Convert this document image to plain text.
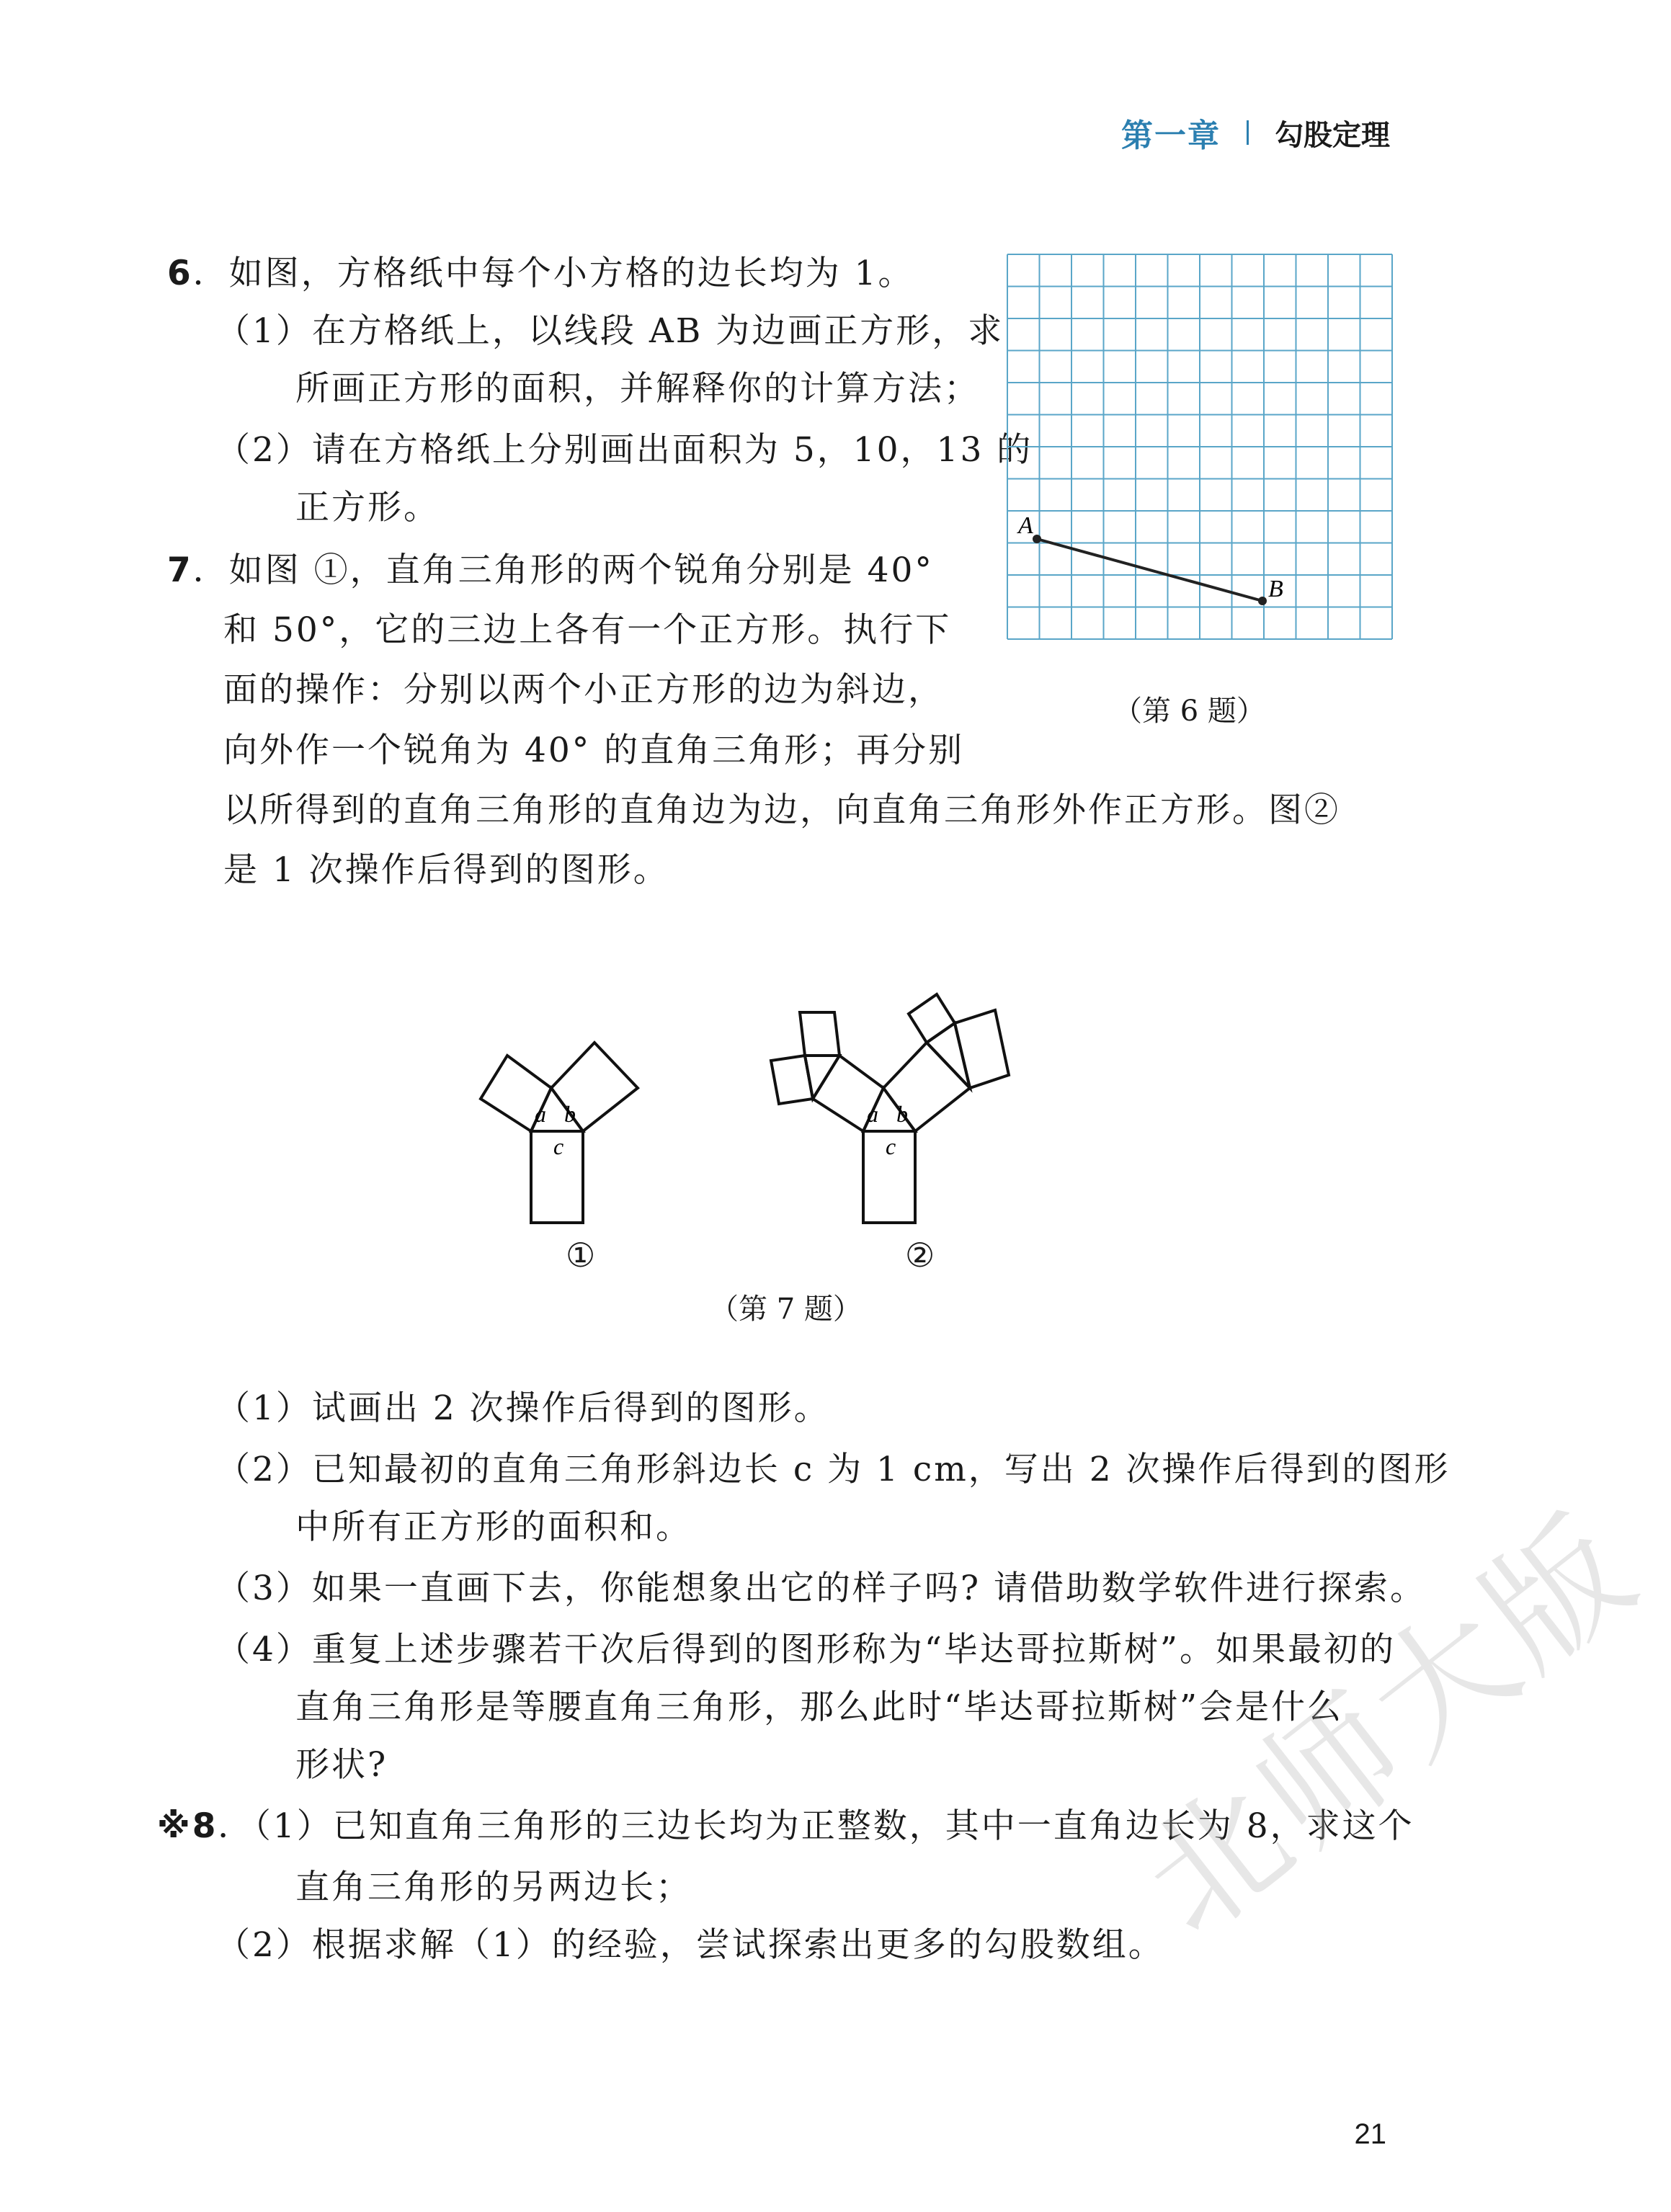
第一章 勾股定理
6．如图，方格纸中每个小方格的边长均为 1。
（1）在方格纸上，以线段 AB 为边画正方形，求
所画正方形的面积，并解释你的计算方法；
（2）请在方格纸上分别画出面积为 5，10，13 的
正方形。	A
B
（第 6 题）
7．如图 ①，直角三角形的两个锐角分别是 40°
和 50°，它的三边上各有一个正方形。执行下
面的操作：分别以两个小正方形的边为斜边，
向外作一个锐角为 40° 的直角三角形；再分别
以所得到的直角三角形的直角边为边，向直角三角形外作正方形。图②
是 1 次操作后得到的图形。
a b
c
①
a b
c
②
（第 7 题）
（1）试画出 2 次操作后得到的图形。
（2）已知最初的直角三角形斜边长 c 为 1 cm，写出 2 次操作后得到的图形
中所有正方形的面积和。
（3）如果一直画下去，你能想象出它的样子吗? 请借助数学软件进行探索。
（4）重复上述步骤若干次后得到的图形称为“毕达哥拉斯树”。如果最初的
直角三角形是等腰直角三角形，那么此时“毕达哥拉斯树”会是什么
形状?
※8．（1）已知直角三角形的三边长均为正整数，其中一直角边长为 8，求这个
直角三角形的另两边长；
（2）根据求解（1）的经验，尝试探索出更多的勾股数组。
北师大版
21
